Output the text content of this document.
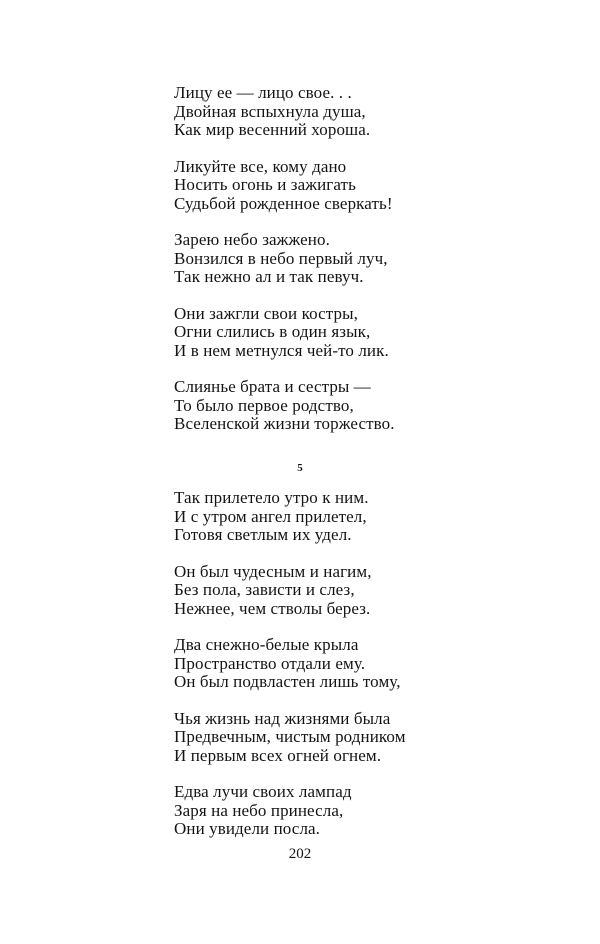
Лицу ее — лицо свое. . .
Двойная вспыхнула душа,
Как мир весенний хороша.
Ликуйте все, кому дано
Носить огонь и зажигать
Судьбой рожденное сверкать!
Зарею небо зажжено.
Вонзился в небо первый луч,
Так нежно ал и так певуч.
Они зажгли свои костры,
Огни слились в один язык,
И в нем метнулся чей-то лик.
Слиянье брата и сестры —
То было первое родство,
Вселенской жизни торжество.
5
Так прилетело утро к ним.
И с утром ангел прилетел,
Готовя светлым их удел.
Он был чудесным и нагим,
Без пола, зависти и слез,
Нежнее, чем стволы берез.
Два снежно-белые крыла
Пространство отдали ему.
Он был подвластен лишь тому,
Чья жизнь над жизнями была
Предвечным, чистым родником
И первым всех огней огнем.
Едва лучи своих лампад
Заря на небо принесла,
Они увидели посла.
202
